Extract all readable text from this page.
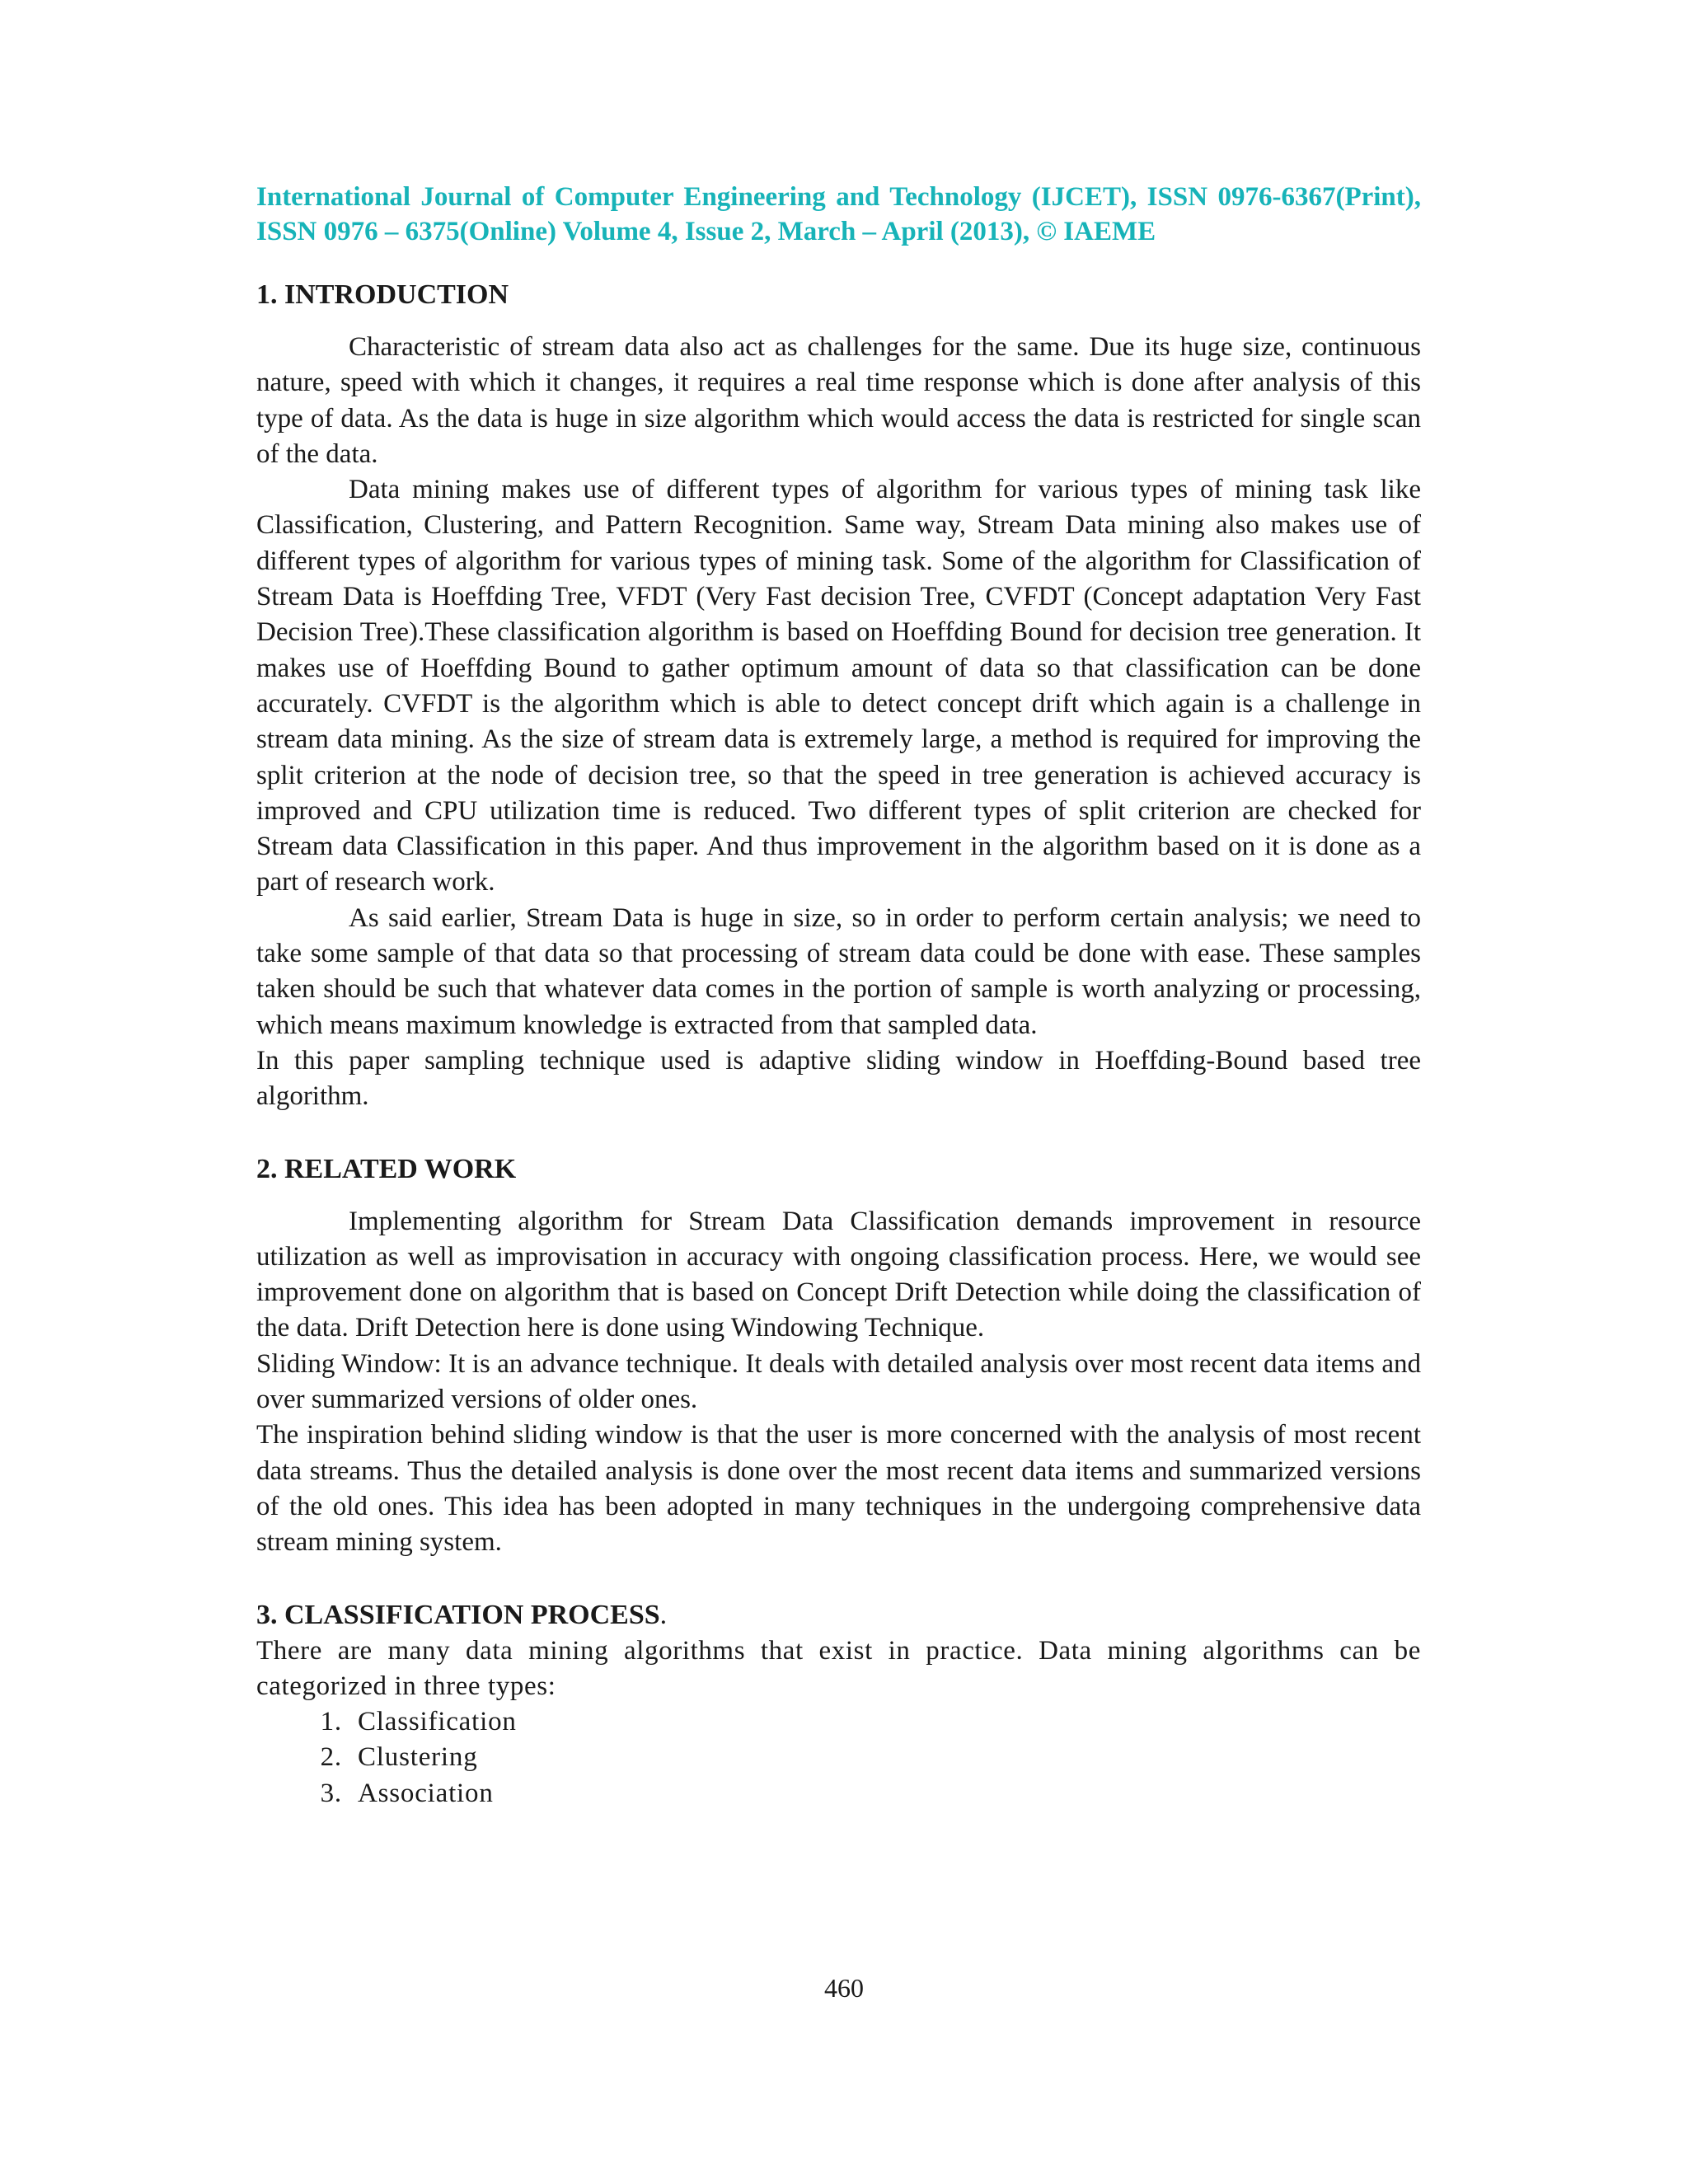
International Journal of Computer Engineering and Technology (IJCET), ISSN 0976-6367(Print), ISSN 0976 – 6375(Online) Volume 4, Issue 2, March – April (2013), © IAEME

1. INTRODUCTION

Characteristic of stream data also act as challenges for the same. Due its huge size, continuous nature, speed with which it changes, it requires a real time response which is done after analysis of this type of data. As the data is huge in size algorithm which would access the data is restricted for single scan of the data.

Data mining makes use of different types of algorithm for various types of mining task like Classification, Clustering, and Pattern Recognition. Same way, Stream Data mining also makes use of different types of algorithm for various types of mining task. Some of the algorithm for Classification of Stream Data is Hoeffding Tree, VFDT (Very Fast decision Tree, CVFDT (Concept adaptation Very Fast Decision Tree).These classification algorithm is based on Hoeffding Bound for decision tree generation. It makes use of Hoeffding Bound to gather optimum amount of data so that classification can be done accurately. CVFDT is the algorithm which is able to detect concept drift which again is a challenge in stream data mining. As the size of stream data is extremely large, a method is required for improving the split criterion at the node of decision tree, so that the speed in tree generation is achieved accuracy is improved and CPU utilization time is reduced. Two different types of split criterion are checked for Stream data Classification in this paper. And thus improvement in the algorithm based on it is done as a part of research work.

As said earlier, Stream Data is huge in size, so in order to perform certain analysis; we need to take some sample of that data so that processing of stream data could be done with ease. These samples taken should be such that whatever data comes in the portion of sample is worth analyzing or processing, which means maximum knowledge is extracted from that sampled data.

In this paper sampling technique used is adaptive sliding window in Hoeffding-Bound based tree algorithm.

2. RELATED WORK

Implementing algorithm for Stream Data Classification demands improvement in resource utilization as well as improvisation in accuracy with ongoing classification process. Here, we would see improvement done on algorithm that is based on Concept Drift Detection while doing the classification of the data. Drift Detection here is done using Windowing Technique.

Sliding Window: It is an advance technique. It deals with detailed analysis over most recent data items and over summarized versions of older ones.

The inspiration behind sliding window is that the user is more concerned with the analysis of most recent data streams. Thus the detailed analysis is done over the most recent data items and summarized versions of the old ones. This idea has been adopted in many techniques in the undergoing comprehensive data stream mining system.

3. CLASSIFICATION PROCESS.

There are many data mining algorithms that exist in practice. Data mining algorithms can be categorized in three types:

1. Classification
2. Clustering
3. Association
460
